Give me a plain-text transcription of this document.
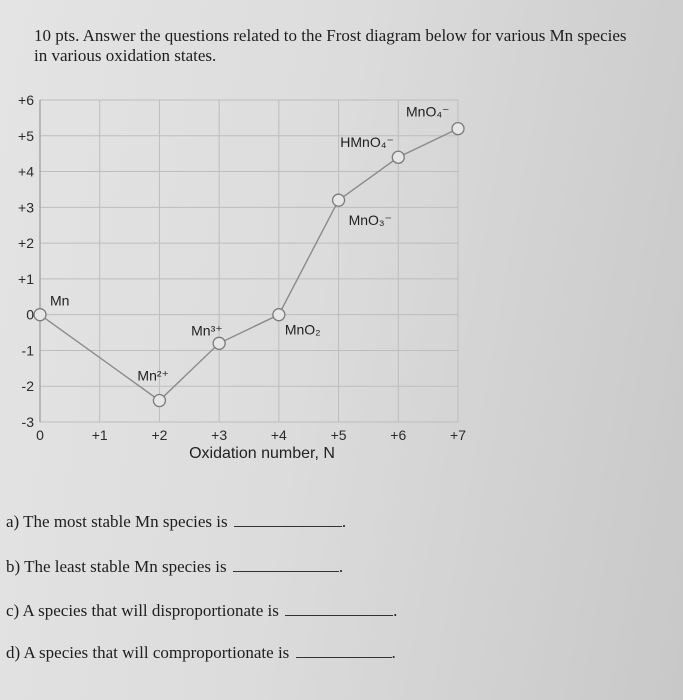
10 pts. Answer the questions related to the Frost diagram below for various Mn species
in various oxidation states.
Mn
Mn²⁺
Mn³⁺	MnO₂
MnO₃⁻
HMnO₄⁻
MnO₄⁻
0	+1	+2	+3	+4	+5	+6	+7
-3
-2
-1
0
+1
+2
+3
+4
+5
+6
Oxidation number, N
a) The most stable Mn species is	.
b) The least stable Mn species is	.
c) A species that will disproportionate is	.
d) A species that will comproportionate is	.
